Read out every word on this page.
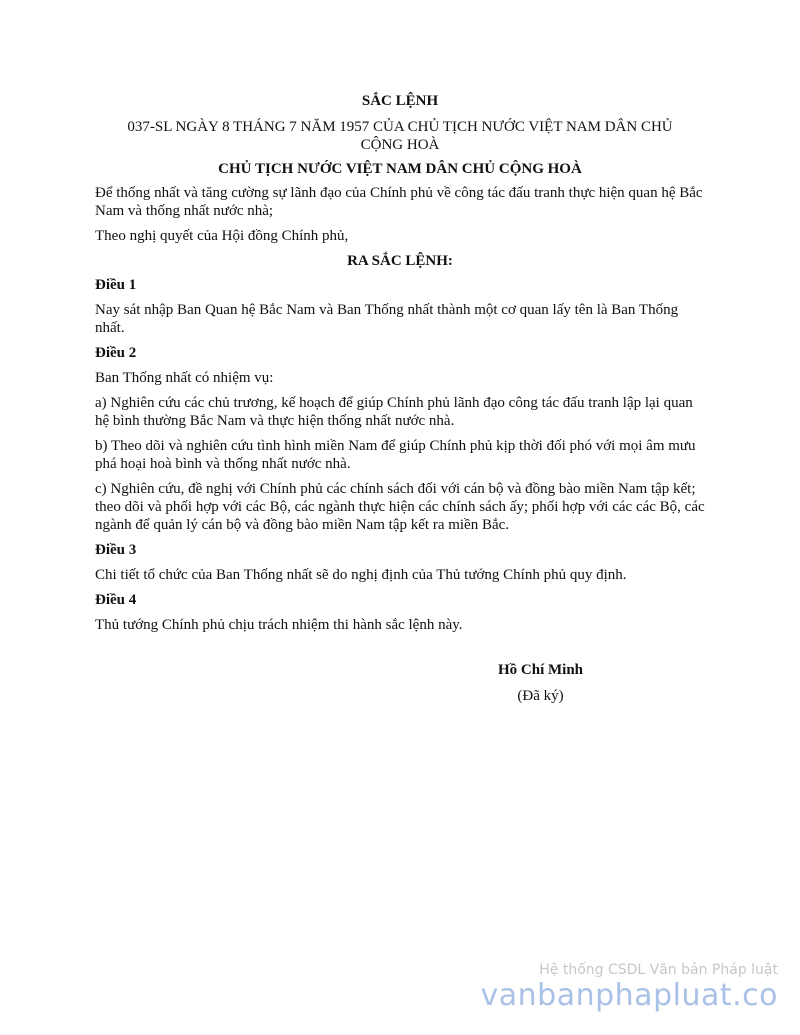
SẮC LỆNH
037-SL NGÀY 8 THÁNG 7 NĂM 1957 CỦA CHỦ TỊCH NƯỚC VIỆT NAM DÂN CHỦ CỘNG HOÀ
CHỦ TỊCH NƯỚC VIỆT NAM DÂN CHỦ CỘNG HOÀ

Để thống nhất và tăng cường sự lãnh đạo của Chính phủ về công tác đấu tranh thực hiện quan hệ Bắc Nam và thống nhất nước nhà;

Theo nghị quyết của Hội đồng Chính phủ,

RA SẮC LỆNH:
Điều 1

Nay sát nhập Ban Quan hệ Bắc Nam và Ban Thống nhất thành một cơ quan lấy tên là Ban Thống nhất.

Điều 2

Ban Thống nhất có nhiệm vụ:

a) Nghiên cứu các chủ trương, kế hoạch để giúp Chính phủ lãnh đạo công tác đấu tranh lập lại quan hệ bình thường Bắc Nam và thực hiện thống nhất nước nhà.

b) Theo dõi và nghiên cứu tình hình miền Nam để giúp Chính phủ kịp thời đối phó với mọi âm mưu phá hoại hoà bình và thống nhất nước nhà.

c) Nghiên cứu, đề nghị với Chính phủ các chính sách đối với cán bộ và đồng bào miền Nam tập kết; theo dõi và phối hợp với các Bộ, các ngành thực hiện các chính sách ấy; phối hợp với các các Bộ, các ngành để quản lý cán bộ và đồng bào miền Nam tập kết ra miền Bắc.

Điều 3

Chi tiết tổ chức của Ban Thống nhất sẽ do nghị định của Thủ tướng Chính phủ quy định.

Điều 4

Thủ tướng Chính phủ chịu trách nhiệm thi hành sắc lệnh này.

Hồ Chí Minh
(Đã ký)
Hệ thống CSDL Văn bản Pháp luật
vanbanphapluat.co
